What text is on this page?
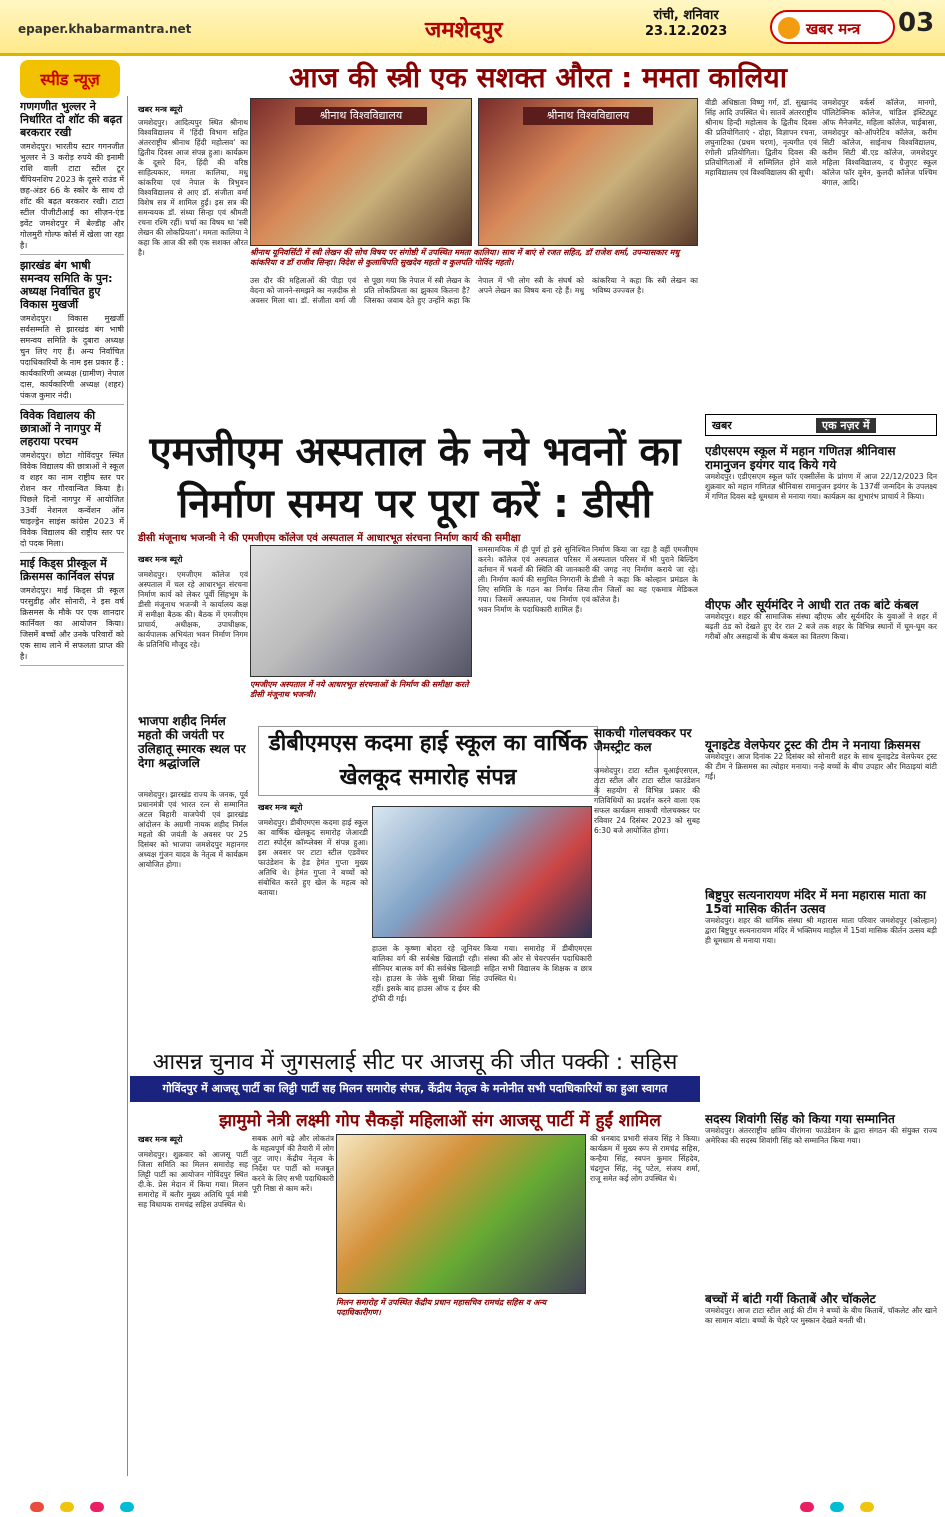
epaper.khabarmantra.net	जमशेदपुर
रांची, शनिवार
23.12.2023	खबर मन्त्र 03
स्पीड न्यूज़
गणगणीत भुल्लर ने निर्धारित दो शॉट की बढ़त बरकरार रखी

जमशेदपुर। भारतीय स्टार गगनजीत भुल्लर ने 3 करोड़ रुपये की इनामी राशि वाली टाटा स्टील टूर चैंपियनशिप 2023 के दूसरे राउंड में छह-अंडर 66 के स्कोर के साथ दो शॉट की बढ़त बरकरार रखी। टाटा स्टील पीजीटीआई का सीज़न-एंड इवेंट जमशेदपुर में बेल्डीह और गोलमुरी गोल्फ कोर्स में खेला जा रहा है।

झारखंड बंग भाषी समन्वय समिति के पुन: अध्यक्ष निर्वाचित हुए विकास मुखर्जी

जमशेदपुर। विकास मुखर्जी सर्वसम्मति से झारखंड बंग भाषी समन्वय समिति के दुबारा अध्यक्ष चुन लिए गए हैं। अन्य निर्वाचित पदाधिकारियों के नाम इस प्रकार हैं : कार्यकारिणी अध्यक्ष (ग्रामीण) नेपाल दास, कार्यकारिणी अध्यक्ष (शहर) पंकज कुमार नंदी।

विवेक विद्यालय की छात्राओं ने नागपुर में लहराया परचम

जमशेदपुर। छोटा गोविंदपुर स्थित विवेक विद्यालय की छात्राओं ने स्कूल व शहर का नाम राष्ट्रीय स्तर पर रोशन कर गौरवान्वित किया है। पिछले दिनों नागपुर में आयोजित 33वीं नेशनल कन्वेंशन ऑन चाइल्ड्रेन साइंस कांग्रेस 2023 में विवेक विद्यालय की राष्ट्रीय स्तर पर दो पदक मिला।

माई किड्स प्रीस्कूल में क्रिसमस कार्निवल संपन्न

जमशेदपुर। माई किड्स प्री स्कूल परसुडीह और सोनारी, ने इस वर्ष क्रिसमस के मौके पर एक शानदार कार्निवल का आयोजन किया। जिसमें बच्चों और उनके परिवारों को एक साथ लाने में सफलता प्राप्त की है।

आज की स्त्री एक सशक्त औरत : ममता कालिया
खबर मन्त्र ब्यूरो
जमशेदपुर। आदित्यपुर स्थित श्रीनाथ विश्वविद्यालय में 'हिंदी विभाग सहित अंतरराष्ट्रीय श्रीनाथ हिंदी महोत्सव' का द्वितीय दिवस आज संपन्न हुआ। कार्यक्रम के दूसरे दिन, हिंदी की वरिष्ठ साहित्यकार, ममता कालिया, मधु कांकरिया एवं नेपाल के त्रिभुवन विश्वविद्यालय से आए डॉ. संजीता वर्मा विशेष सत्र में शामिल हुईं। इस सत्र की समन्वयक डॉ. संध्या सिन्हा एवं श्रीमती रचना रश्मि रहीं। चर्चा का विषय था 'स्त्री लेखन की लोकप्रियता'। ममता कालिया ने कहा कि आज की स्त्री एक सशक्त औरत है।
श्रीनाथ विश्वविद्यालय	श्रीनाथ विश्वविद्यालय
श्रीनाथ यूनिवर्सिटी में स्त्री लेखन की सोच विषय पर संगोष्ठी में उपस्थित ममता कालिया। साथ में बाएं से रजत सहित, डॉ राजेश शर्मा, उपन्यासकार मधु कांकरिया व डॉ राजीव सिन्हा। विदेश से कुलाधिपति सुखदेव महतो व कुलपति गोविंद महतो।
उस दौर की महिलाओं की पीड़ा एवं वेदना को जानने-समझने का नज़दीक से अवसर मिला था। डॉ. संजीता वर्मा जी से पूछा गया कि नेपाल में स्त्री लेखन के प्रति लोकप्रियता का झुकाव कितना है? जिसका जवाब देते हुए उन्होंने कहा कि नेपाल में भी लोग स्त्री के संघर्ष को अपने लेखन का विषय बना रहे हैं। मधु कांकरिया ने कहा कि स्त्री लेखन का भविष्य उज्ज्वल है।
वीडी अधिष्ठाता विष्णु गर्ग, डॉ. सुखानंद सिंह आदि उपस्थित थे। सातवें अंतरराष्ट्रीय श्रीनाथ हिन्दी महोत्सव के द्वितीय दिवस की प्रतियोगिताएं - दोहा, विज्ञापन रचना, लघुनाटिका (प्रथम चरण), नृत्यगीत एवं रंगोली प्रतियोगिता। द्वितीय दिवस की प्रतियोगिताओं में सम्मिलित होने वाले महाविद्यालय एवं विश्वविद्यालय की सूची।
जमशेदपुर वर्कर्स कॉलेज, मानगो, पॉलिटेक्निक कॉलेज, चांडिल इंस्टिट्यूट ऑफ मैनेजमेंट, महिला कॉलेज, चाईबासा, जमशेदपुर को-ऑपरेटिव कॉलेज, करीम सिटी कॉलेज, साईनाथ विश्वविद्यालय, करीम सिटी बी.एड कॉलेज, जमशेदपुर महिला विश्वविद्यालय, द ग्रैजुएट स्कूल कॉलेज फॉर वूमेन, कुलदी कॉलेज पश्चिम बंगाल, आदि।
एमजीएम अस्पताल के नये भवनों का निर्माण समय पर पूरा करें : डीसी
डीसी मंजूनाथ भजन्त्री ने की एमजीएम कॉलेज एवं अस्पताल में आधारभूत संरचना निर्माण कार्य की समीक्षा
खबर मन्त्र ब्यूरो
जमशेदपुर। एमजीएम कॉलेज एवं अस्पताल में चल रहे आधारभूत संरचना निर्माण कार्य को लेकर पूर्वी सिंहभूम के डीसी मंजूनाथ भजन्त्री ने कार्यालय कक्ष में समीक्षा बैठक की। बैठक में एमजीएम प्राचार्य, अधीक्षक, उपाधीक्षक, कार्यपालक अभियंता भवन निर्माण निगम के प्रतिनिधि मौजूद रहे।
एमजीएम अस्पताल में नये आधारभूत संरचनाओं के निर्माण की समीक्षा करते डीसी मंजूनाथ भजन्त्री।
समसामयिक में ही पूर्ण हो इसे सुनिश्चित करने। कॉलेज एवं अस्पताल परिसर में वर्तमान में भवनों की स्थिति की जानकारी ली। निर्माण कार्य की समुचित निगरानी के लिए समिति के गठन का निर्णय लिया गया। जिसमें अस्पताल, पथ निर्माण एवं भवन निर्माण के पदाधिकारी शामिल हैं।
निर्माण किया जा रहा है वहीं एमजीएम अस्पताल परिसर में भी पुराने बिल्डिंग की जगह नए निर्माण कराये जा रहे। डीसी ने कहा कि कोल्हान प्रमंडल के तीन जिलों का यह एकमात्र मेडिकल कॉलेज है।
खबर	एक नज़र में
एडीएसएम स्कूल में महान गणितज्ञ श्रीनिवास रामानुजन इयंगर याद किये गये
जमशेदपुर। एडीएसएम स्कूल फॉर एक्सीलेंस के प्रांगण में आज 22/12/2023 दिन शुक्रवार को महान गणितज्ञ श्रीनिवास रामानुजन इयंगर के 137वीं जन्मदिन के उपलक्ष्य में गणित दिवस बड़े धूमधाम से मनाया गया। कार्यक्रम का शुभारंभ प्राचार्य ने किया।
वीएफ और सूर्यमंदिर ने आधी रात तक बांटे कंबल
जमशेदपुर। शहर की सामाजिक संस्था व्हीएफ और सूर्यमंदिर के युवाओं ने शहर में बढ़ती ठंड को देखते हुए देर रात 2 बजे तक शहर के विभिन्न स्थानों में घूम-घूम कर गरीबों और असहायों के बीच कंबल का वितरण किया।
यूनाइटेड वेलफेयर ट्रस्ट की टीम ने मनाया क्रिसमस
जमशेदपुर। आज दिनांक 22 दिसंबर को सोनारी शहर के साथ यूनाइटेड वेलफेयर ट्रस्ट की टीम ने क्रिसमस का त्योहार मनाया। नन्हे बच्चों के बीच उपहार और मिठाइयां बांटी गईं।
बिष्टुपुर सत्यनारायण मंदिर में मना महारास माता का 15वां मासिक कीर्तन उत्सव
जमशेदपुर। शहर की धार्मिक संस्था श्री महारास माता परिवार जमशेदपुर (कोल्हान) द्वारा बिष्टुपुर सत्यनारायण मंदिर में भक्तिमय माहौल में 15वां मासिक कीर्तन उत्सव बड़ी ही धूमधाम से मनाया गया।
सदस्य शिवांगी सिंह को किया गया सम्मानित
जमशेदपुर। अंतरराष्ट्रीय क्षत्रिय वीरांगना फाउंडेशन के द्वारा संगठन की संयुक्त राज्य अमेरिका की सदस्य शिवांगी सिंह को सम्मानित किया गया।
बच्चों में बांटी गयीं किताबें और चॉकलेट
जमशेदपुर। आज टाटा स्टील आई की टीम ने बच्चों के बीच किताबें, चॉकलेट और खाने का सामान बांटा। बच्चों के चेहरे पर मुस्कान देखते बनती थी।
भाजपा शहीद निर्मल महतो की जयंती पर उलिहातू स्मारक स्थल पर देगा श्रद्धांजलि
जमशेदपुर। झारखंड राज्य के जनक, पूर्व प्रधानमंत्री एवं भारत रत्न से सम्मानित अटल बिहारी वाजपेयी एवं झारखंड आंदोलन के अग्रणी नायक शहीद निर्मल महतो की जयंती के अवसर पर 25 दिसंबर को भाजपा जमशेदपुर महानगर अध्यक्ष गुंजन यादव के नेतृत्व में कार्यक्रम आयोजित होगा।
डीबीएमएस कदमा हाई स्कूल का वार्षिक खेलकूद समारोह संपन्न
खबर मन्त्र ब्यूरो
जमशेदपुर। डीबीएमएस कदमा हाई स्कूल का वार्षिक खेलकूद समारोह जेआरडी टाटा स्पोर्ट्स कॉम्प्लेक्स में संपन्न हुआ। इस अवसर पर टाटा स्टील एडवेंचर फाउंडेशन के हेड हेमंत गुप्ता मुख्य अतिथि थे। हेमंत गुप्ता ने बच्चों को संबोधित करते हुए खेल के महत्व को बताया।
हाउस के कृष्णा बोदरा रहे जूनियर बालिका वर्ग की सर्वश्रेष्ठ खिलाड़ी रही। सीनियर बालक वर्ग की सर्वश्रेष्ठ खिलाड़ी रहे। हाउस के जेके सुश्री शिखा सिंह रहीं। इसके बाद हाउस ऑफ द ईयर की ट्रॉफी दी गई।
किया गया। समारोह में डीबीएमएस संस्था की ओर से चेयरपर्सन पदाधिकारी सहित सभी विद्यालय के शिक्षक व छात्र उपस्थित थे।
साकची गोलचक्कर पर जैमस्ट्रीट कल
जमशेदपुर। टाटा स्टील यूआईएसएल, टाटा स्टील और टाटा स्टील फाउंडेशन के सहयोग से विभिन्न प्रकार की गतिविधियों का प्रदर्शन करने वाला एक सफल कार्यक्रम साकची गोलचक्कर पर रविवार 24 दिसंबर 2023 को सुबह 6:30 बजे आयोजित होगा।
आसन्न चुनाव में जुगसलाई सीट पर आजसू की जीत पक्की : सहिस
गोविंदपुर में आजसू पार्टी का लिट्टी पार्टी सह मिलन समारोह संपन्न, केंद्रीय नेतृत्व के मनोनीत सभी पदाधिकारियों का हुआ स्वागत
झामुमो नेत्री लक्ष्मी गोप सैकड़ों महिलाओं संग आजसू पार्टी में हुईं शामिल
खबर मन्त्र ब्यूरो
जमशेदपुर। शुक्रवार को आजसू पार्टी जिला समिति का मिलन समारोह सह लिट्टी पार्टी का आयोजन गोविंदपुर स्थित दी.के. प्रेस मेदान में किया गया। मिलन समारोह में बतौर मुख्य अतिथि पूर्व मंत्री सह विधायक रामचंद्र सहिस उपस्थित थे।
सबक आगे बढ़े और लोकतंत्र के महत्वपूर्ण की तैयारी में लोग जुट जाए। केंद्रीय नेतृत्व के निर्देश पर पार्टी को मजबूत करने के लिए सभी पदाधिकारी पूरी निष्ठा से काम करें।
मिलन समारोह में उपस्थित केंद्रीय प्रधान महासचिव रामचंद्र सहिस व अन्य पदाधिकारीगण।
की धनबाद प्रभारी संजय सिंह ने किया। कार्यक्रम में मुख्य रूप से रामचंद्र सहिस, कन्हैया सिंह, स्वपन कुमार सिंहदेव, चंद्रगुप्त सिंह, नंदू पटेल, संजय शर्मा, राजू समेत कई लोग उपस्थित थे।
